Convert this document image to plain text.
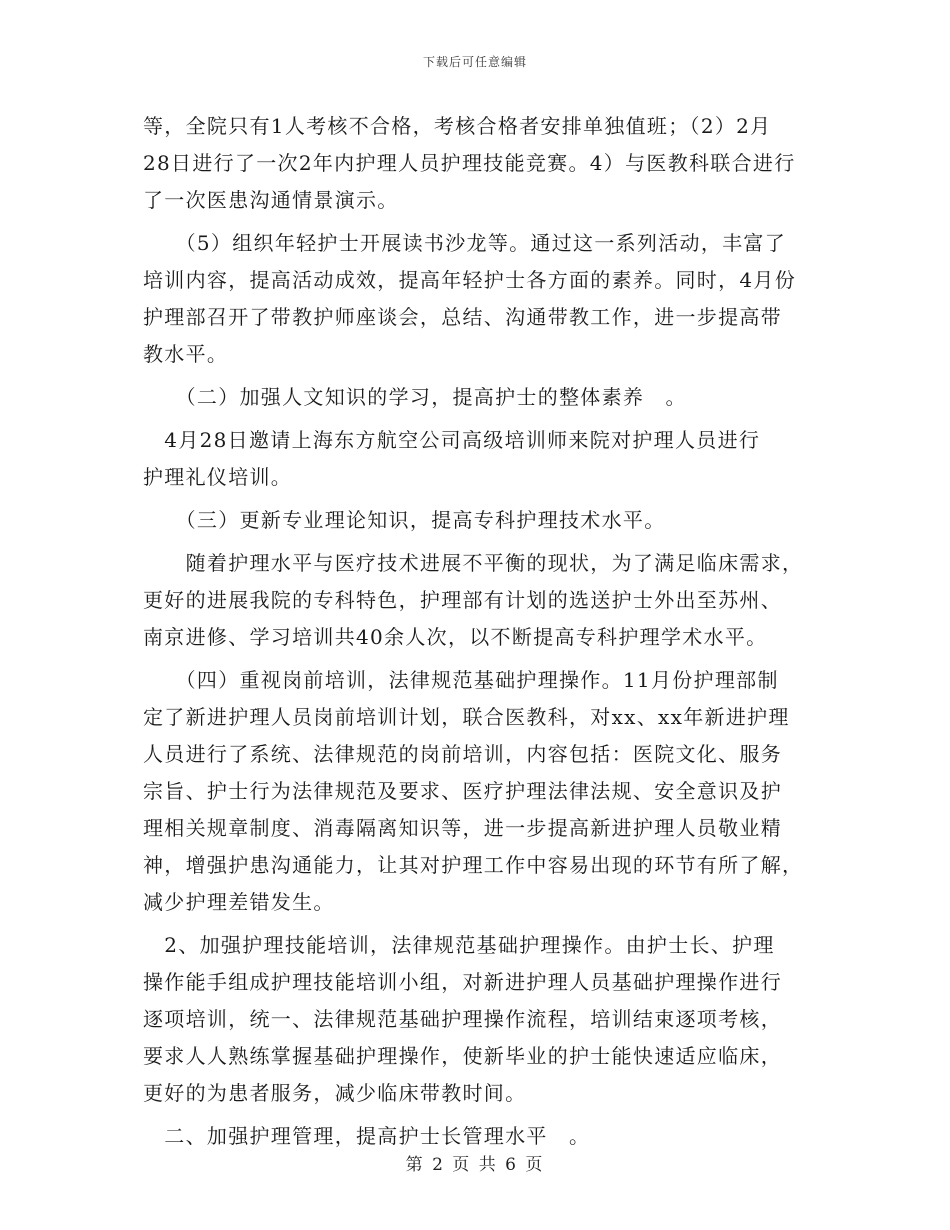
下载后可任意编辑
等，全院只有1人考核不合格，考核合格者安排单独值班；（2）2月
28日进行了一次2年内护理人员护理技能竞赛。4）与医教科联合进行
了一次医患沟通情景演示。
　　（5）组织年轻护士开展读书沙龙等。通过这一系列活动，丰富了
培训内容，提高活动成效，提高年轻护士各方面的素养。同时，4月份
护理部召开了带教护师座谈会，总结、沟通带教工作，进一步提高带
教水平。
　　（二）加强人文知识的学习，提高护士的整体素养　。
　4月28日邀请上海东方航空公司高级培训师来院对护理人员进行
护理礼仪培训。
　　（三）更新专业理论知识，提高专科护理技术水平。
　　随着护理水平与医疗技术进展不平衡的现状，为了满足临床需求，
更好的进展我院的专科特色，护理部有计划的选送护士外出至苏州、
南京进修、学习培训共40余人次，以不断提高专科护理学术水平。
　　（四）重视岗前培训，法律规范基础护理操作。11月份护理部制
定了新进护理人员岗前培训计划，联合医教科，对xx、xx年新进护理
人员进行了系统、法律规范的岗前培训，内容包括：医院文化、服务
宗旨、护士行为法律规范及要求、医疗护理法律法规、安全意识及护
理相关规章制度、消毒隔离知识等，进一步提高新进护理人员敬业精
神，增强护患沟通能力，让其对护理工作中容易出现的环节有所了解，
减少护理差错发生。
　2、加强护理技能培训，法律规范基础护理操作。由护士长、护理
操作能手组成护理技能培训小组，对新进护理人员基础护理操作进行
逐项培训，统一、法律规范基础护理操作流程，培训结束逐项考核，
要求人人熟练掌握基础护理操作，使新毕业的护士能快速适应临床，
更好的为患者服务，减少临床带教时间。
　二、加强护理管理，提高护士长管理水平　。
第 2 页 共 6 页
